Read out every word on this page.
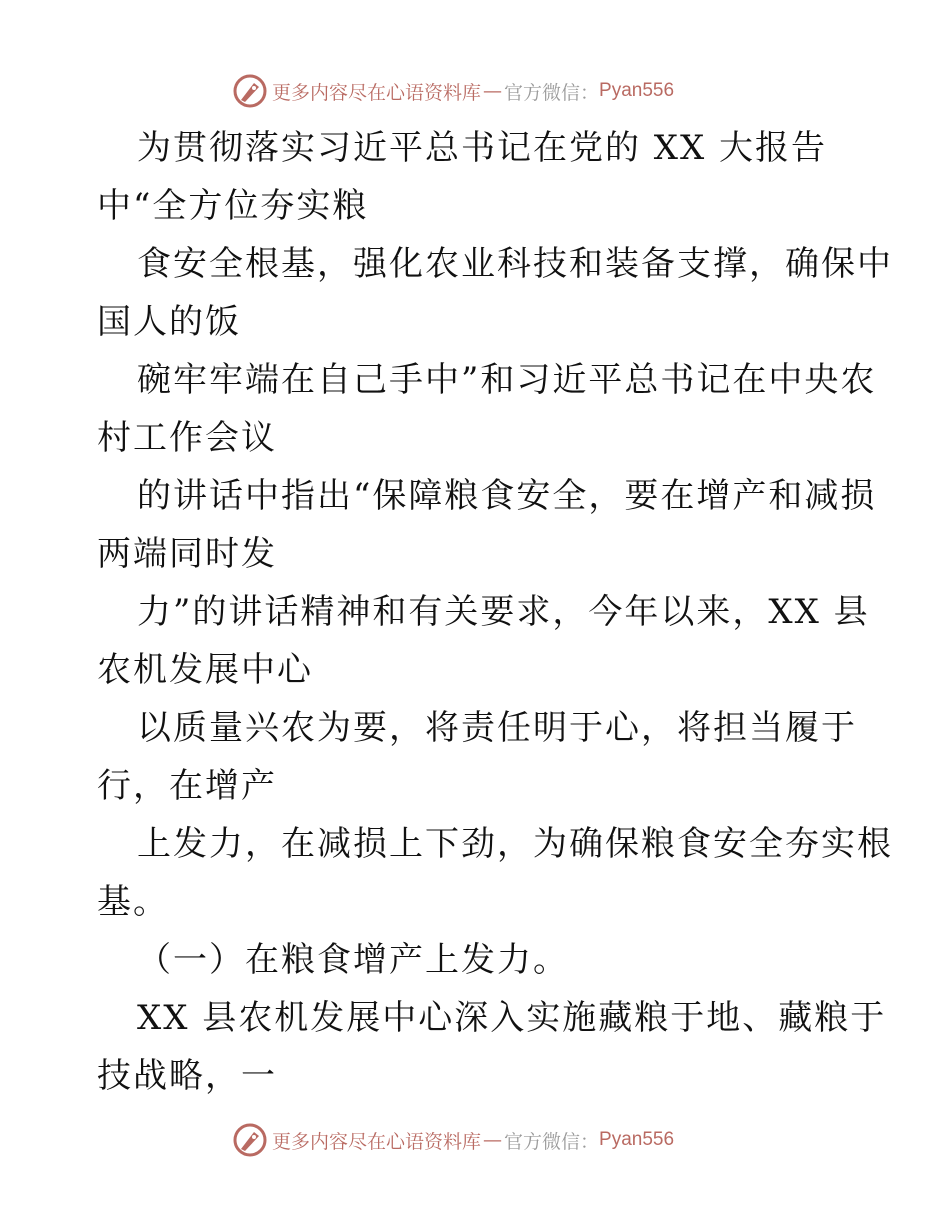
更多内容尽在心语资料库 — 官方微信： Pyan556
为贯彻落实习近平总书记在党的 XX 大报告
中“全方位夯实粮
食安全根基，强化农业科技和装备支撑，确保中
国人的饭
碗牢牢端在自己手中”和习近平总书记在中央农
村工作会议
的讲话中指出“保障粮食安全，要在增产和减损
两端同时发
力”的讲话精神和有关要求，今年以来，XX 县
农机发展中心
以质量兴农为要，将责任明于心，将担当履于
行，在增产
上发力，在减损上下劲，为确保粮食安全夯实根
基。
（一）在粮食增产上发力。
XX 县农机发展中心深入实施藏粮于地、藏粮于
技战略，一
更多内容尽在心语资料库 — 官方微信： Pyan556
